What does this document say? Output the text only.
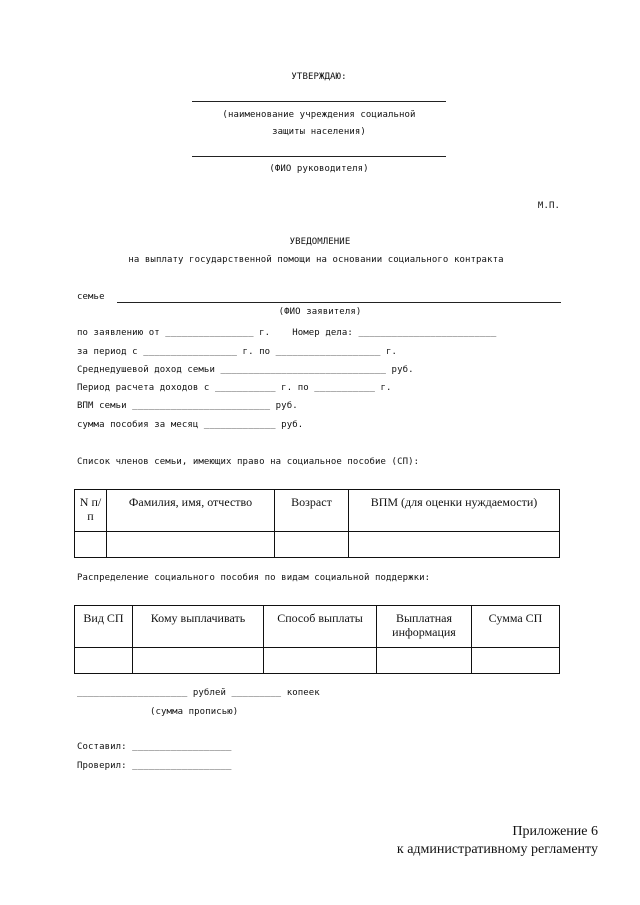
УТВЕРЖДАЮ:
(наименование учреждения социальной
защиты населения)
(ФИО руководителя)
М.П.
УВЕДОМЛЕНИЕ
на выплату государственной помощи на основании социального контракта
семье
(ФИО заявителя)
по заявлению от ________________ г.    Номер дела: _________________________
за период с _________________ г. по ___________________ г.
Среднедушевой доход семьи ______________________________ руб.
Период расчета доходов с ___________ г. по ___________ г.
ВПМ семьи _________________________ руб.
сумма пособия за месяц _____________ руб.
Список членов семьи, имеющих право на социальное пособие (СП):
N п/п	Фамилия, имя, отчество	Возраст	ВПМ (для оценки нуждаемости)

Распределение социального пособия по видам социальной поддержки:
Вид СП	Кому выплачивать	Способ выплаты	Выплатная информация	Сумма СП

____________________ рублей _________ копеек
(сумма прописью)
Составил: __________________
Проверил: __________________
Приложение 6
к административному регламенту
